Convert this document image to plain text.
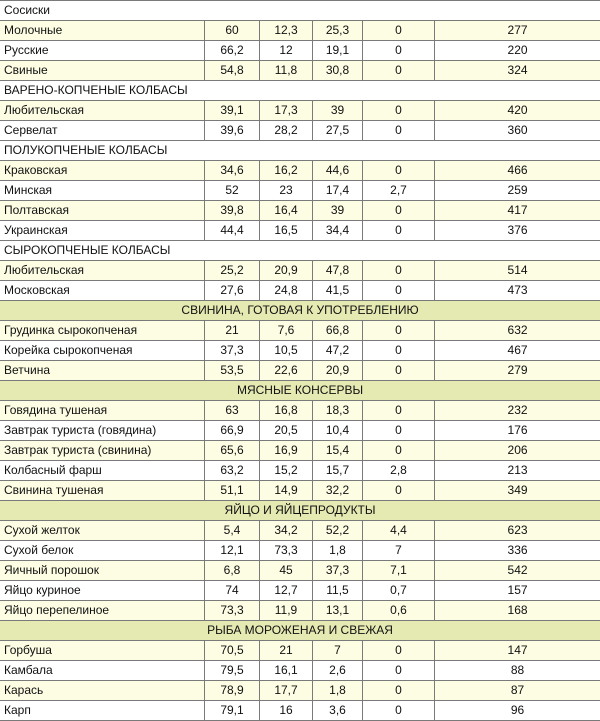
Сосиски					
Молочные	60	12,3	25,3	0	277
Русские	66,2	12	19,1	0	220
Свиные	54,8	11,8	30,8	0	324
ВАРЕНО-КОПЧЕНЫЕ КОЛБАСЫ					
Любительская	39,1	17,3	39	0	420
Сервелат	39,6	28,2	27,5	0	360
ПОЛУКОПЧЕНЫЕ КОЛБАСЫ					
Краковская	34,6	16,2	44,6	0	466
Минская	52	23	17,4	2,7	259
Полтавская	39,8	16,4	39	0	417
Украинская	44,4	16,5	34,4	0	376
СЫРОКОПЧЕНЫЕ КОЛБАСЫ					
Любительская	25,2	20,9	47,8	0	514
Московская	27,6	24,8	41,5	0	473
СВИНИНА, ГОТОВАЯ К УПОТРЕБЛЕНИЮ					
Грудинка сырокопченая	21	7,6	66,8	0	632
Корейка сырокопченая	37,3	10,5	47,2	0	467
Ветчина	53,5	22,6	20,9	0	279
МЯСНЫЕ КОНСЕРВЫ					
Говядина тушеная	63	16,8	18,3	0	232
Завтрак туриста (говядина)	66,9	20,5	10,4	0	176
Завтрак туриста (свинина)	65,6	16,9	15,4	0	206
Колбасный фарш	63,2	15,2	15,7	2,8	213
Свинина тушеная	51,1	14,9	32,2	0	349
ЯЙЦО И ЯЙЦЕПРОДУКТЫ					
Сухой желток	5,4	34,2	52,2	4,4	623
Сухой белок	12,1	73,3	1,8	7	336
Яичный порошок	6,8	45	37,3	7,1	542
Яйцо куриное	74	12,7	11,5	0,7	157
Яйцо перепелиное	73,3	11,9	13,1	0,6	168
РЫБА МОРОЖЕНАЯ И СВЕЖАЯ					
Горбуша	70,5	21	7	0	147
Камбала	79,5	16,1	2,6	0	88
Карась	78,9	17,7	1,8	0	87
Карп	79,1	16	3,6	0	96
